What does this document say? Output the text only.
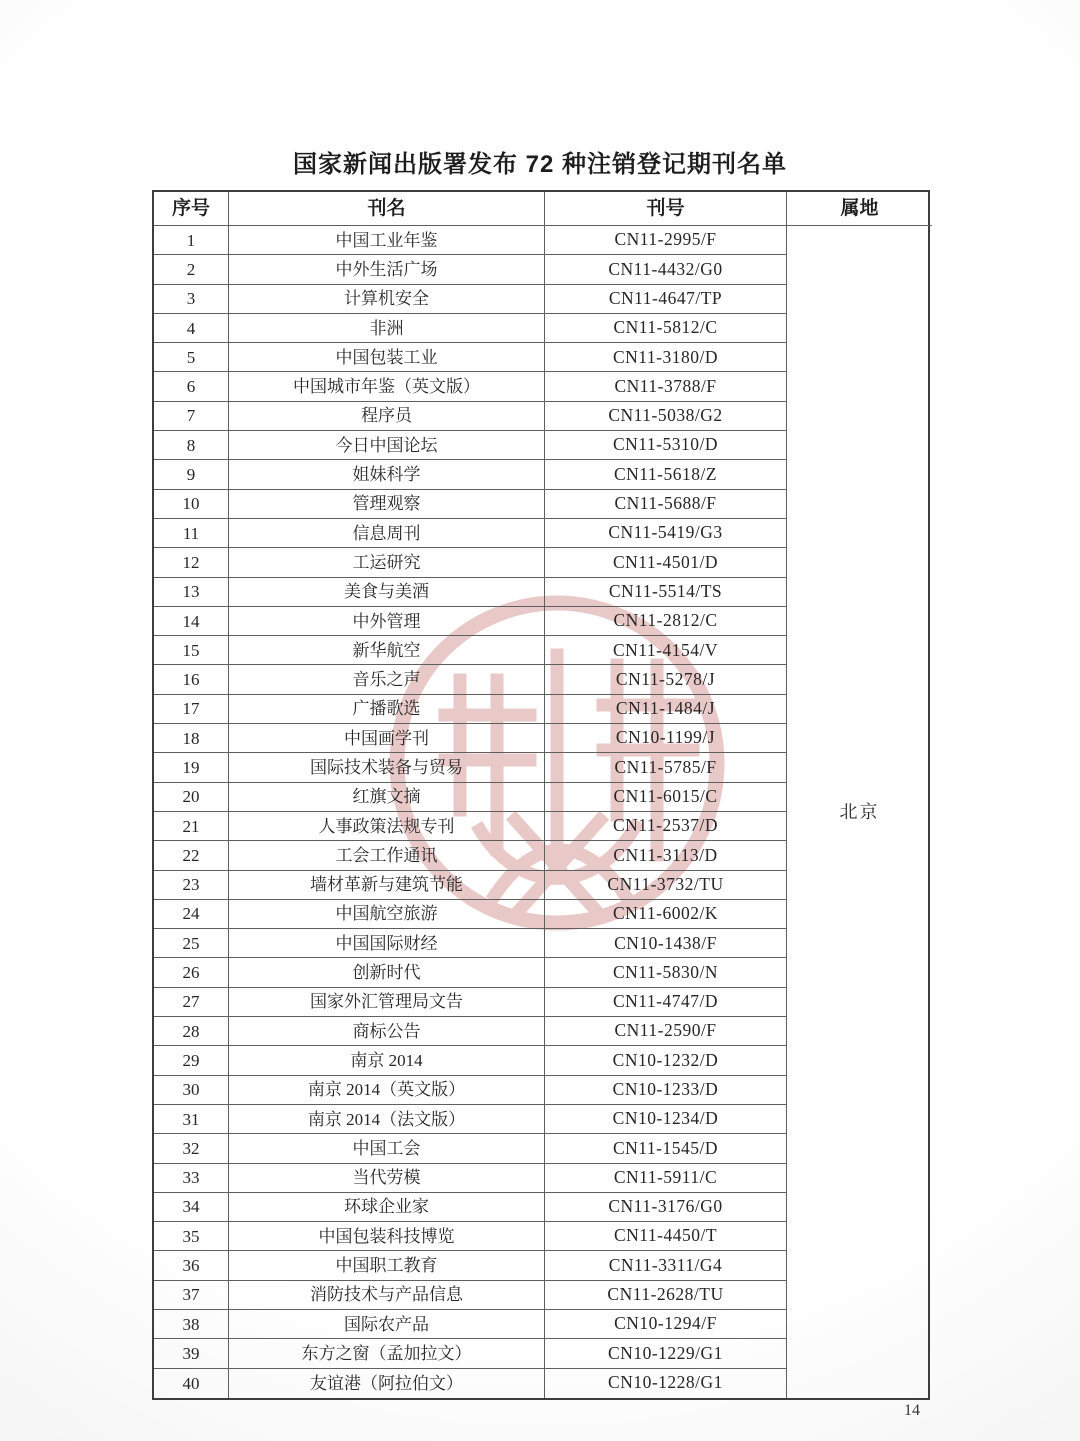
国家新闻出版署发布 72 种注销登记期刊名单
序号	刊名	刊号	属地
北京
1	中国工业年鉴	CN11-2995/F
2	中外生活广场	CN11-4432/G0
3	计算机安全	CN11-4647/TP
4	非洲	CN11-5812/C
5	中国包装工业	CN11-3180/D
6	中国城市年鉴（英文版）	CN11-3788/F
7	程序员	CN11-5038/G2
8	今日中国论坛	CN11-5310/D
9	姐妹科学	CN11-5618/Z
10	管理观察	CN11-5688/F
11	信息周刊	CN11-5419/G3
12	工运研究	CN11-4501/D
13	美食与美酒	CN11-5514/TS
14	中外管理	CN11-2812/C
15	新华航空	CN11-4154/V
16	音乐之声	CN11-5278/J
17	广播歌选	CN11-1484/J
18	中国画学刊	CN10-1199/J
19	国际技术装备与贸易	CN11-5785/F
20	红旗文摘	CN11-6015/C
21	人事政策法规专刊	CN11-2537/D
22	工会工作通讯	CN11-3113/D
23	墙材革新与建筑节能	CN11-3732/TU
24	中国航空旅游	CN11-6002/K
25	中国国际财经	CN10-1438/F
26	创新时代	CN11-5830/N
27	国家外汇管理局文告	CN11-4747/D
28	商标公告	CN11-2590/F
29	南京 2014	CN10-1232/D
30	南京 2014（英文版）	CN10-1233/D
31	南京 2014（法文版）	CN10-1234/D
32	中国工会	CN11-1545/D
33	当代劳模	CN11-5911/C
34	环球企业家	CN11-3176/G0
35	中国包装科技博览	CN11-4450/T
36	中国职工教育	CN11-3311/G4
37	消防技术与产品信息	CN11-2628/TU
38	国际农产品	CN10-1294/F
39	东方之窗（孟加拉文）	CN10-1229/G1
40	友谊港（阿拉伯文）	CN10-1228/G1
14
